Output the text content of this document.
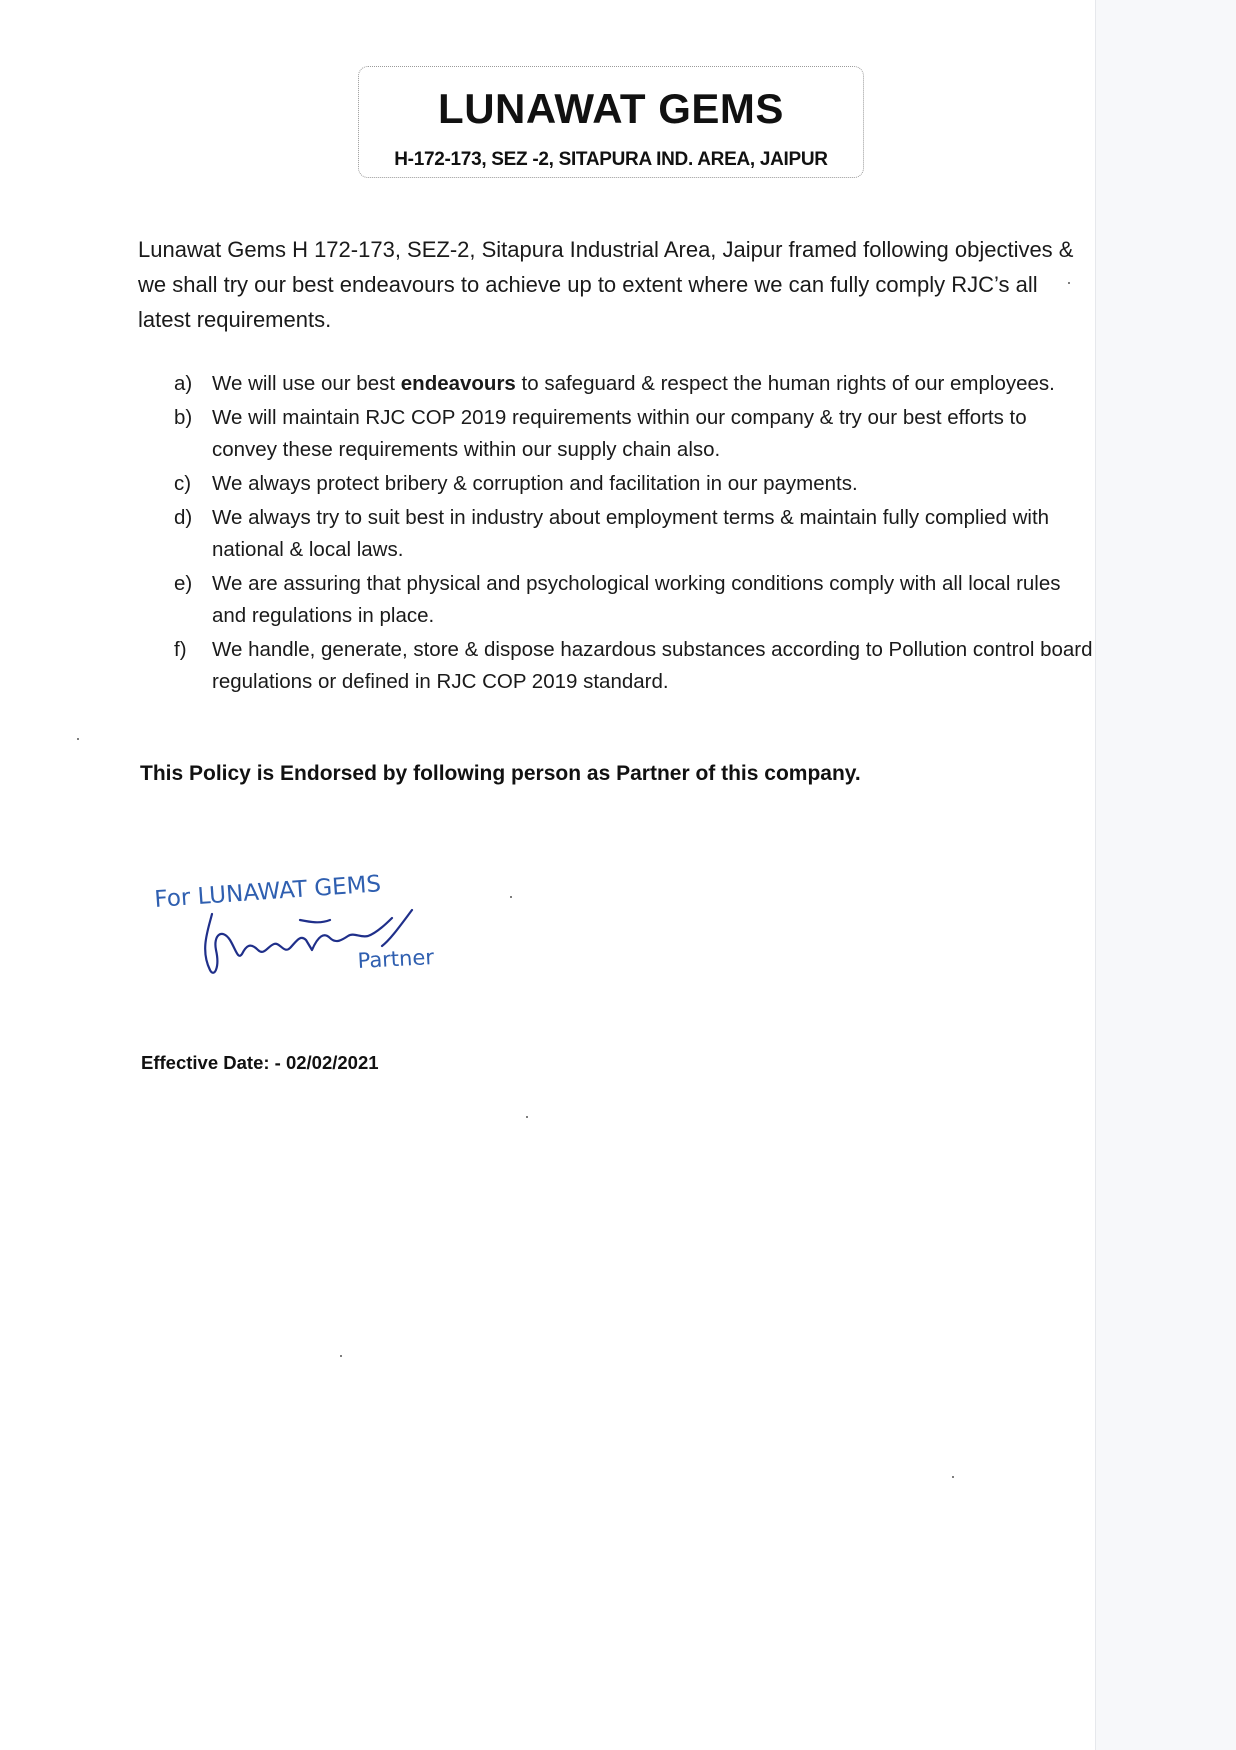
LUNAWAT GEMS
H-172-173, SEZ -2, SITAPURA IND. AREA, JAIPUR
Lunawat Gems H 172-173, SEZ-2, Sitapura Industrial Area, Jaipur framed following objectives & we shall try our best endeavours to achieve up to extent where we can fully comply RJC’s all latest requirements.
a) We will use our best endeavours to safeguard & respect the human rights of our employees.
b) We will maintain RJC COP 2019 requirements within our company & try our best efforts to convey these requirements within our supply chain also.
c)	We always protect bribery & corruption and facilitation in our payments.
d) We always try to suit best in industry about employment terms & maintain fully complied with national & local laws.
e) We are assuring that physical and psychological working conditions comply with all local rules and regulations in place.
f)	We handle, generate, store & dispose hazardous substances according to Pollution control board regulations or defined in RJC COP 2019 standard.
This Policy is Endorsed by following person as Partner of this company.
For LUNAWAT GEMS
Partner
Effective Date: - 02/02/2021
